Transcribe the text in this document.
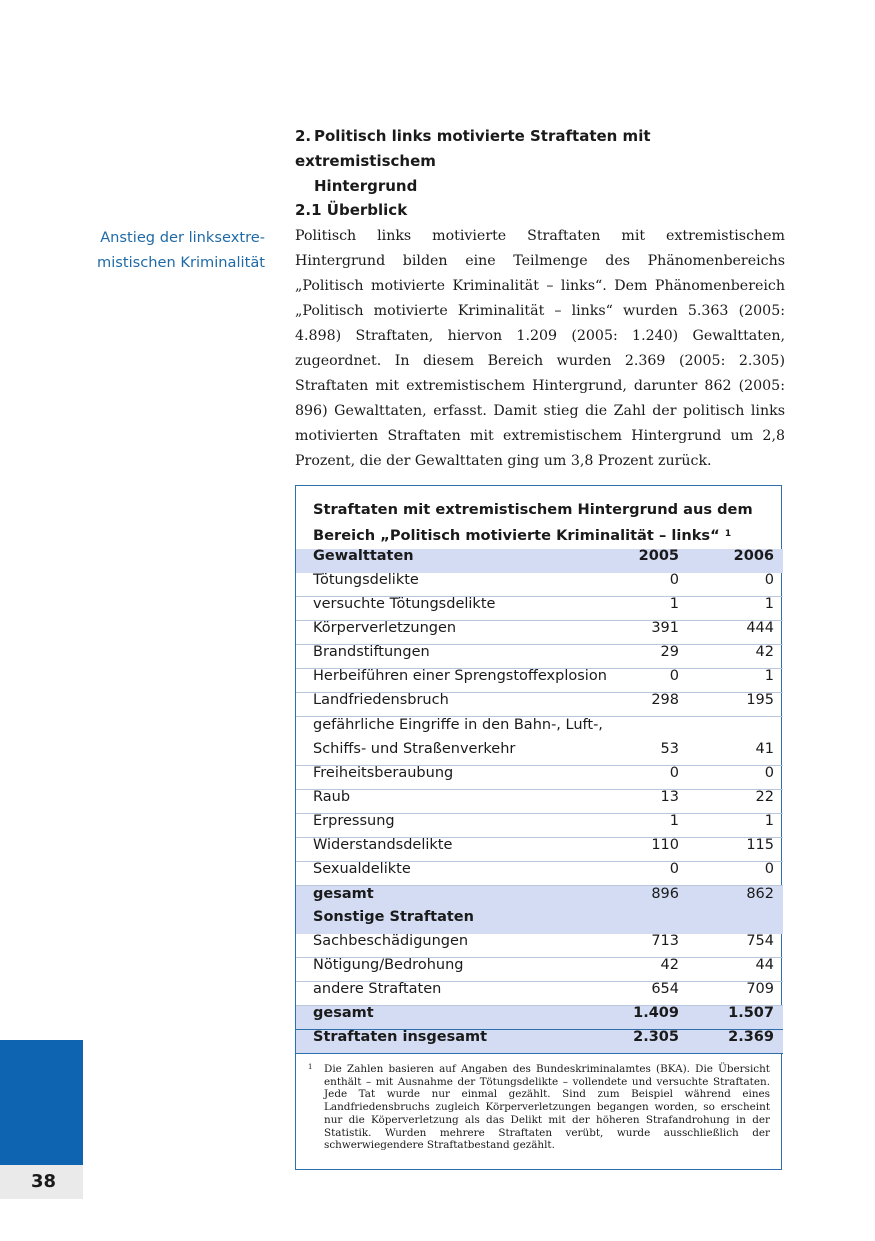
2. Politisch links motivierte Straftaten mit extremistischem
Hintergrund
2.1 Überblick
Anstieg der linksextre-
mistischen Kriminalität
Politisch links motivierte Straftaten mit extremistischem Hintergrund bilden eine Teilmenge des Phänomenbereichs „Politisch motivierte Kriminalität – links“. Dem Phänomenbereich „Politisch motivierte Kriminalität – links“ wurden 5.363 (2005: 4.898) Straftaten, hiervon 1.209 (2005: 1.240) Gewalttaten, zugeordnet. In diesem Bereich wurden 2.369 (2005: 2.305) Straftaten mit extremistischem Hintergrund, darunter 862 (2005: 896) Gewalttaten, erfasst. Damit stieg die Zahl der politisch links motivierten Straftaten mit extremistischem Hintergrund um 2,8 Prozent, die der Gewalttaten ging um 3,8 Prozent zurück.
Straftaten mit extremistischem Hintergrund aus dem
Bereich „Politisch motivierte Kriminalität – links“ $^1$
Gewalttaten	2005	2006
Tötungsdelikte	0	0
versuchte Tötungsdelikte	1	1
Körperverletzungen	391	444
Brandstiftungen	29	42
Herbeiführen einer Sprengstoffexplosion	0	1
Landfriedensbruch	298	195
gefährliche Eingriffe in den Bahn-, Luft-,
Schiffs- und Straßenverkehr	53	41
Freiheitsberaubung	0	0
Raub	13	22
Erpressung	1	1
Widerstandsdelikte	110	115
Sexualdelikte	0	0
gesamt	896	862
Sonstige Straftaten
Sachbeschädigungen	713	754
Nötigung/Bedrohung	42	44
andere Straftaten	654	709
gesamt	1.409	1.507
Straftaten insgesamt	2.305	2.369
1 Die Zahlen basieren auf Angaben des Bundeskriminalamtes (BKA). Die Übersicht enthält – mit Ausnahme der Tötungsdelikte – vollendete und versuchte Straftaten. Jede Tat wurde nur einmal gezählt. Sind zum Beispiel während eines Landfriedensbruchs zugleich Körperverletzungen begangen worden, so erscheint nur die Köperverletzung als das Delikt mit der höheren Strafandrohung in der Statistik. Wurden mehrere Straftaten verübt, wurde ausschließlich der schwerwiegendere Straftatbestand gezählt.
38
